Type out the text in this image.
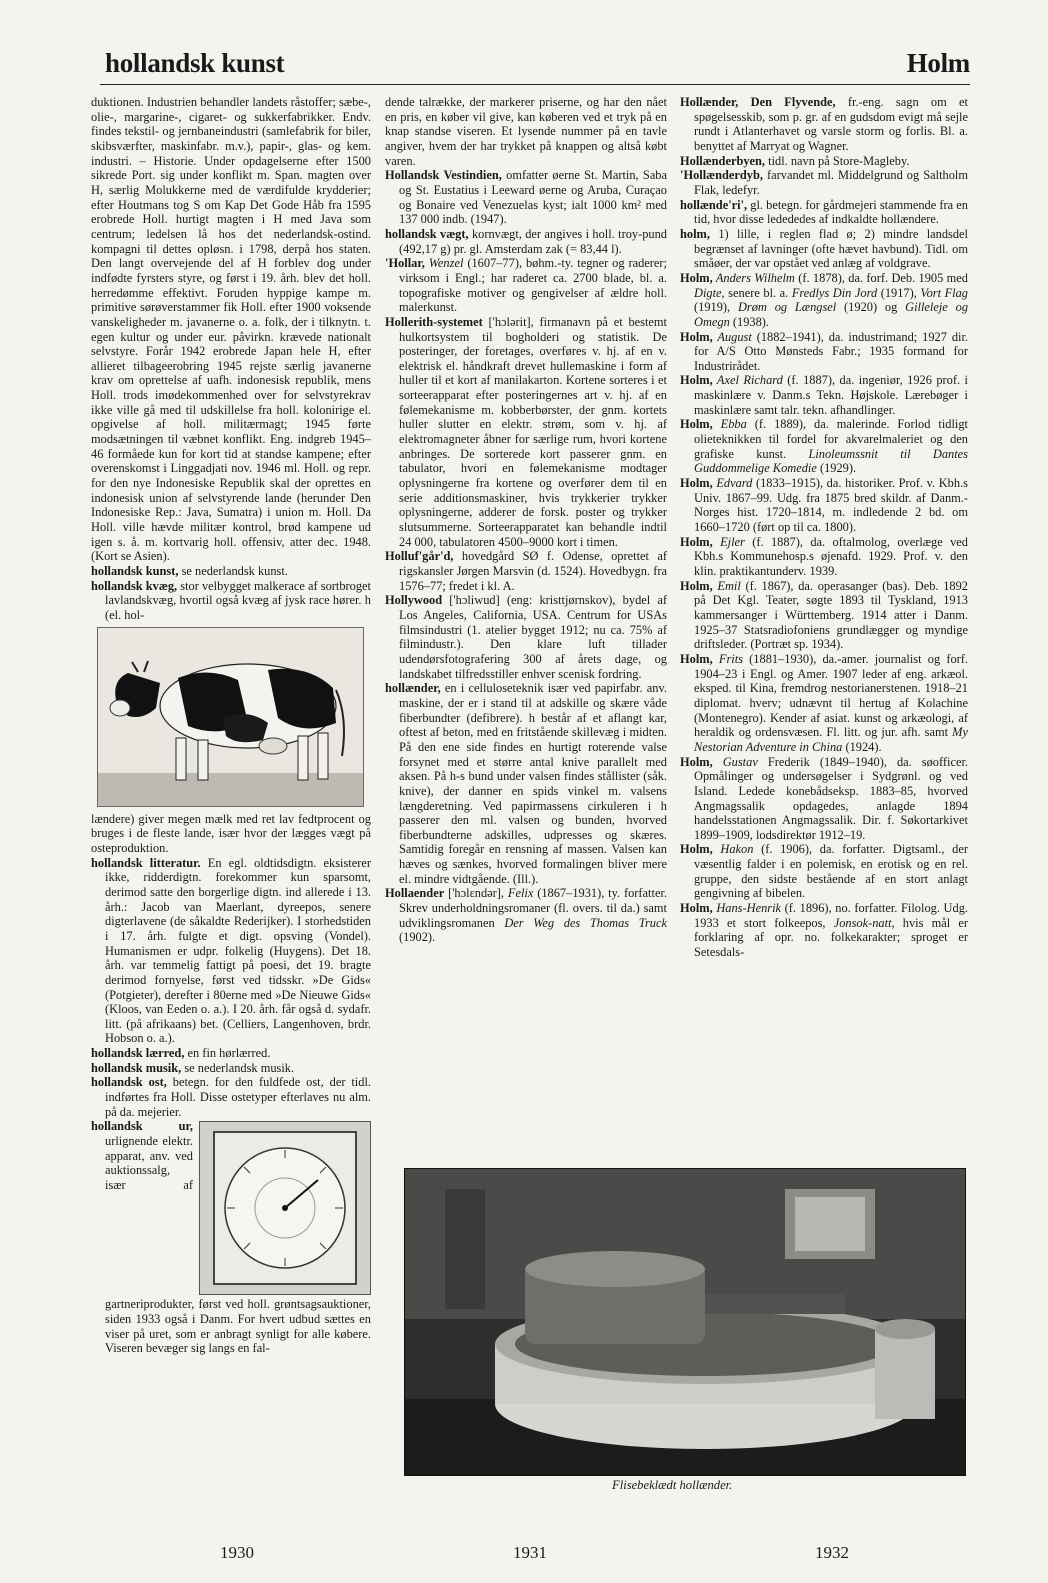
hollandsk kunst	Holm

duktionen. Industrien behandler landets råstoffer; sæbe-, olie-, margarine-, cigaret- og sukkerfabrikker. Endv. findes tekstil- og jernbaneindustri (samlefabrik for biler, skibsværfter, maskinfabr. m.v.), papir-, glas- og kem. industri. – Historie. Under opdagelserne efter 1500 sikrede Port. sig under konflikt m. Span. magten over H, særlig Molukkerne med de værdifulde krydderier; efter Houtmans tog S om Kap Det Gode Håb fra 1595 erobrede Holl. hurtigt magten i H med Java som centrum; ledelsen lå hos det nederlandsk-ostind. kompagni til dettes opløsn. i 1798, derpå hos staten. Den langt overvejende del af H forblev dog under indfødte fyrsters styre, og først i 19. årh. blev det holl. herredømme effektivt. Foruden hyppige kampe m. primitive sørøverstammer fik Holl. efter 1900 voksende vanskeligheder m. javanerne o. a. folk, der i tilknytn. t. egen kultur og under eur. påvirkn. krævede nationalt selvstyre. Forår 1942 erobrede Japan hele H, efter allieret tilbageerobring 1945 rejste særlig javanerne krav om oprettelse af uafh. indonesisk republik, mens Holl. trods imødekommenhed over for selvstyrekrav ikke ville gå med til udskillelse fra holl. kolonirige el. opgivelse af holl. militærmagt; 1945 førte modsætningen til væbnet konflikt. Eng. indgreb 1945–46 formåede kun for kort tid at standse kampene; efter overenskomst i Linggadjati nov. 1946 ml. Holl. og repr. for den nye Indonesiske Republik skal der oprettes en indonesisk union af selvstyrende lande (herunder Den Indonesiske Rep.: Java, Sumatra) i union m. Holl. Da Holl. ville hævde militær kontrol, brød kampene ud igen s. å. m. kortvarig holl. offensiv, atter dec. 1948. (Kort se Asien).

hollandsk kunst, se nederlandsk kunst.

hollandsk kvæg, stor velbygget malkerace af sortbroget lavlandskvæg, hvortil også kvæg af jysk race hører. h (el. hol-

lændere) giver megen mælk med ret lav fedtprocent og bruges i de fleste lande, især hvor der lægges vægt på osteproduktion.

hollandsk litteratur. En egl. oldtidsdigtn. eksisterer ikke, ridderdigtn. forekommer kun sparsomt, derimod satte den borgerlige digtn. ind allerede i 13. årh.: Jacob van Maerlant, dyreepos, senere digterlavene (de såkaldte Rederijker). I storhedstiden i 17. årh. fulgte et digt. opsving (Vondel). Humanismen er udpr. folkelig (Huygens). Det 18. årh. var temmelig fattigt på poesi, det 19. bragte derimod fornyelse, først ved tidsskr. »De Gids« (Potgieter), derefter i 80erne med »De Nieuwe Gids« (Kloos, van Eeden o. a.). I 20. årh. får også d. sydafr. litt. (på afrikaans) bet. (Celliers, Langenhoven, brdr. Hobson o. a.).

hollandsk lærred, en fin hørlærred.

hollandsk musik, se nederlandsk musik.

hollandsk ost, betegn. for den fuldfede ost, der tidl. indførtes fra Holl. Disse ostetyper efterlaves nu alm. på da. mejerier.

hollandsk ur, urlignende elektr. apparat, anv. ved auktionssalg, især af gartneriprodukter, først ved holl. grøntsagsauktioner, siden 1933 også i Danm. For hvert udbud sættes en viser på uret, som er anbragt synligt for alle købere. Viseren bevæger sig langs en fal-

dende talrække, der markerer priserne, og har den nået en pris, en køber vil give, kan køberen ved et tryk på en knap standse viseren. Et lysende nummer på en tavle angiver, hvem der har trykket på knappen og altså købt varen.

Hollandsk Vestindien, omfatter øerne St. Martin, Saba og St. Eustatius i Leeward øerne og Aruba, Curaçao og Bonaire ved Venezuelas kyst; ialt 1000 km² med 137 000 indb. (1947).

hollandsk vægt, kornvægt, der angives i holl. troy-pund (492,17 g) pr. gl. Amsterdam zak (= 83,44 l).

'Hollar, Wenzel (1607–77), bøhm.-ty. tegner og raderer; virksom i Engl.; har raderet ca. 2700 blade, bl. a. topografiske motiver og gengivelser af ældre holl. malerkunst.

Hollerith-systemet ['hɔlərit], firmanavn på et bestemt hulkortsystem til bogholderi og statistik. De posteringer, der foretages, overføres v. hj. af en v. elektrisk el. håndkraft drevet hullemaskine i form af huller til et kort af manilakarton. Kortene sorteres i et sorteerapparat efter posteringernes art v. hj. af en følemekanisme m. kobberbørster, der gnm. kortets huller slutter en elektr. strøm, som v. hj. af elektromagneter åbner for særlige rum, hvori kortene anbringes. De sorterede kort passerer gnm. en tabulator, hvori en følemekanisme modtager oplysningerne fra kortene og overfører dem til en serie additionsmaskiner, hvis trykkerier trykker oplysningerne, adderer de forsk. poster og trykker slutsummerne. Sorteerapparatet kan behandle indtil 24 000, tabulatoren 4500–9000 kort i timen.

Holluf'går'd, hovedgård SØ f. Odense, oprettet af rigskansler Jørgen Marsvin (d. 1524). Hovedbygn. fra 1576–77; fredet i kl. A.

Hollywood ['hɔliwud] (eng: kristtjørnskov), bydel af Los Angeles, California, USA. Centrum for USAs filmsindustri (1. atelier bygget 1912; nu ca. 75% af filmindustr.). Den klare luft tillader udendørsfotografering 300 af årets dage, og landskabet tilfredsstiller enhver scenisk fordring.

hollænder, en i celluloseteknik især ved papirfabr. anv. maskine, der er i stand til at adskille og skære våde fiberbundter (defibrere). h består af et aflangt kar, oftest af beton, med en fritstående skillevæg i midten. På den ene side findes en hurtigt roterende valse forsynet med et større antal knive parallelt med aksen. På h-s bund under valsen findes stållister (såk. knive), der danner en spids vinkel m. valsens længderetning. Ved papirmassens cirkuleren i h passerer den ml. valsen og bunden, hvorved fiberbundterne adskilles, udpresses og skæres. Samtidig foregår en rensning af massen. Valsen kan hæves og sænkes, hvorved formalingen bliver mere el. mindre vidtgående. (Ill.).

Hollaender ['hɔlɛndər], Felix (1867–1931), ty. forfatter. Skrev underholdningsromaner (fl. overs. til da.) samt udviklingsromanen Der Weg des Thomas Truck (1902).

Hollænder, Den Flyvende, fr.-eng. sagn om et spøgelsesskib, som p. gr. af en gudsdom evigt må sejle rundt i Atlanterhavet og varsle storm og forlis. Bl. a. benyttet af Marryat og Wagner.

Hollænderbyen, tidl. navn på Store-Magleby.

'Hollænderdyb, farvandet ml. Middelgrund og Saltholm Flak, ledefyr.

hollænde'ri', gl. betegn. for gårdmejeri stammende fra en tid, hvor disse ledededes af indkaldte hollændere.

holm, 1) lille, i reglen flad ø; 2) mindre landsdel begrænset af lavninger (ofte hævet havbund). Tidl. om småøer, der var opstået ved anlæg af voldgrave.

Holm, Anders Wilhelm (f. 1878), da. forf. Deb. 1905 med Digte, senere bl. a. Fredlys Din Jord (1917), Vort Flag (1919), Drøm og Længsel (1920) og Gilleleje og Omegn (1938).

Holm, August (1882–1941), da. industrimand; 1927 dir. for A/S Otto Mønsteds Fabr.; 1935 formand for Industrirådet.

Holm, Axel Richard (f. 1887), da. ingeniør, 1926 prof. i maskinlære v. Danm.s Tekn. Højskole. Lærebøger i maskinlære samt talr. tekn. afhandlinger.

Holm, Ebba (f. 1889), da. malerinde. Forlod tidligt olieteknikken til fordel for akvarelmaleriet og den grafiske kunst. Linoleumssnit til Dantes Guddommelige Komedie (1929).

Holm, Edvard (1833–1915), da. historiker. Prof. v. Kbh.s Univ. 1867–99. Udg. fra 1875 bred skildr. af Danm.-Norges hist. 1720–1814, m. indledende 2 bd. om 1660–1720 (ført op til ca. 1800).

Holm, Ejler (f. 1887), da. oftalmolog, overlæge ved Kbh.s Kommunehosp.s øjenafd. 1929. Prof. v. den klin. praktikantunderv. 1939.

Holm, Emil (f. 1867), da. operasanger (bas). Deb. 1892 på Det Kgl. Teater, søgte 1893 til Tyskland, 1913 kammersanger i Württemberg. 1914 atter i Danm. 1925–37 Statsradiofoniens grundlægger og myndige driftsleder. (Portræt sp. 1934).

Holm, Frits (1881–1930), da.-amer. journalist og forf. 1904–23 i Engl. og Amer. 1907 leder af eng. arkæol. eksped. til Kina, fremdrog nestorianerstenen. 1918–21 diplomat. hverv; udnævnt til hertug af Kolachine (Montenegro). Kender af asiat. kunst og arkæologi, af heraldik og ordensvæsen. Fl. litt. og jur. afh. samt My Nestorian Adventure in China (1924).

Holm, Gustav Frederik (1849–1940), da. søofficer. Opmålinger og undersøgelser i Sydgrønl. og ved Island. Ledede konebådseksp. 1883–85, hvorved Angmagssalik opdagedes, anlagde 1894 handelsstationen Angmagssalik. Dir. f. Søkortarkivet 1899–1909, lodsdirektør 1912–19.

Holm, Hakon (f. 1906), da. forfatter. Digtsaml., der væsentlig falder i en polemisk, en erotisk og en rel. gruppe, den sidste bestående af en stort anlagt gengivning af bibelen.

Holm, Hans-Henrik (f. 1896), no. forfatter. Filolog. Udg. 1933 et stort folkeepos, Jonsok-natt, hvis mål er forklaring af opr. no. folkekarakter; sproget er Setesdals-

Flisebeklædt hollænder.
1930	1931	1932
